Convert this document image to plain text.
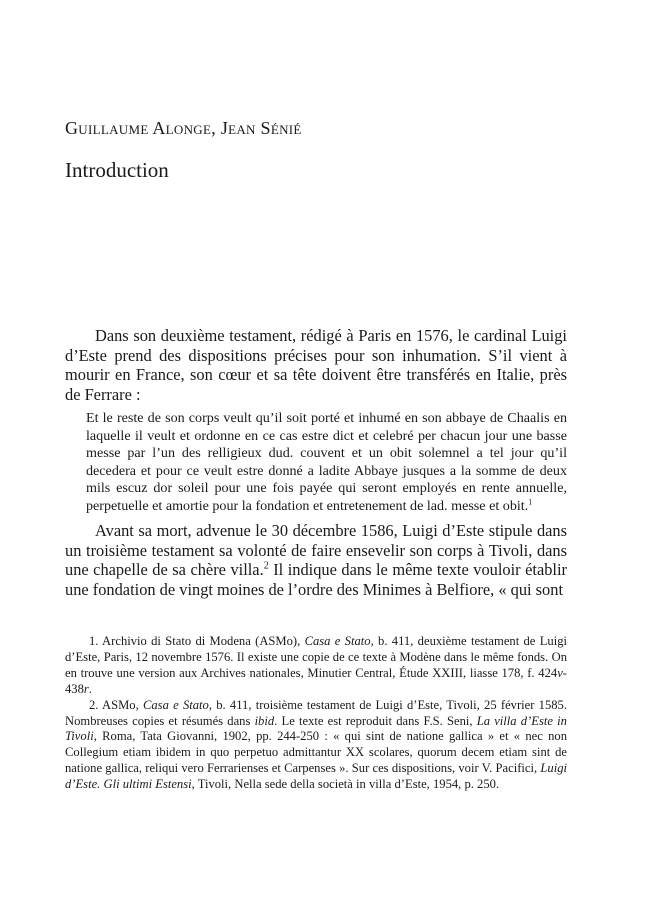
Guillaume Alonge, Jean Sénié
Introduction

Dans son deuxième testament, rédigé à Paris en 1576, le cardinal Luigi d’Este prend des dispositions précises pour son inhumation. S’il vient à mourir en France, son cœur et sa tête doivent être transférés en Italie, près de Ferrare :

Et le reste de son corps veult qu’il soit porté et inhumé en son abbaye de Chaalis en laquelle il veult et ordonne en ce cas estre dict et celebré per chacun jour une basse messe par l’un des relligieux dud. couvent et un obit solemnel a tel jour qu’il decedera et pour ce veult estre donné a ladite Abbaye jusques a la somme de deux mils escuz dor soleil pour une fois payée qui seront employés en rente annuelle, perpetuelle et amortie pour la fondation et entretenement de lad. messe et obit.$^1$

Avant sa mort, advenue le 30 décembre 1586, Luigi d’Este stipule dans un troisième testament sa volonté de faire ensevelir son corps à Tivoli, dans une chapelle de sa chère villa.$^2$ Il indique dans le même texte vouloir établir une fondation de vingt moines de l’ordre des Minimes à Belfiore, « qui sont

1. Archivio di Stato di Modena (ASMo), Casa e Stato, b. 411, deuxième testament de Luigi d’Este, Paris, 12 novembre 1576. Il existe une copie de ce texte à Modène dans le même fonds. On en trouve une version aux Archives nationales, Minutier Central, Étude XXIII, liasse 178, f. 424v-438r.

2. ASMo, Casa e Stato, b. 411, troisième testament de Luigi d’Este, Tivoli, 25 février 1585. Nombreuses copies et résumés dans ibid. Le texte est reproduit dans F.S. Seni, La villa d’Este in Tivoli, Roma, Tata Giovanni, 1902, pp. 244-250 : « qui sint de natione gallica » et « nec non Collegium etiam ibidem in quo perpetuo admittantur XX scolares, quorum decem etiam sint de natione gallica, reliqui vero Ferrarienses et Carpenses ». Sur ces dispositions, voir V. Pacifici, Luigi d’Este. Gli ultimi Estensi, Tivoli, Nella sede della società in villa d’Este, 1954, p. 250.
